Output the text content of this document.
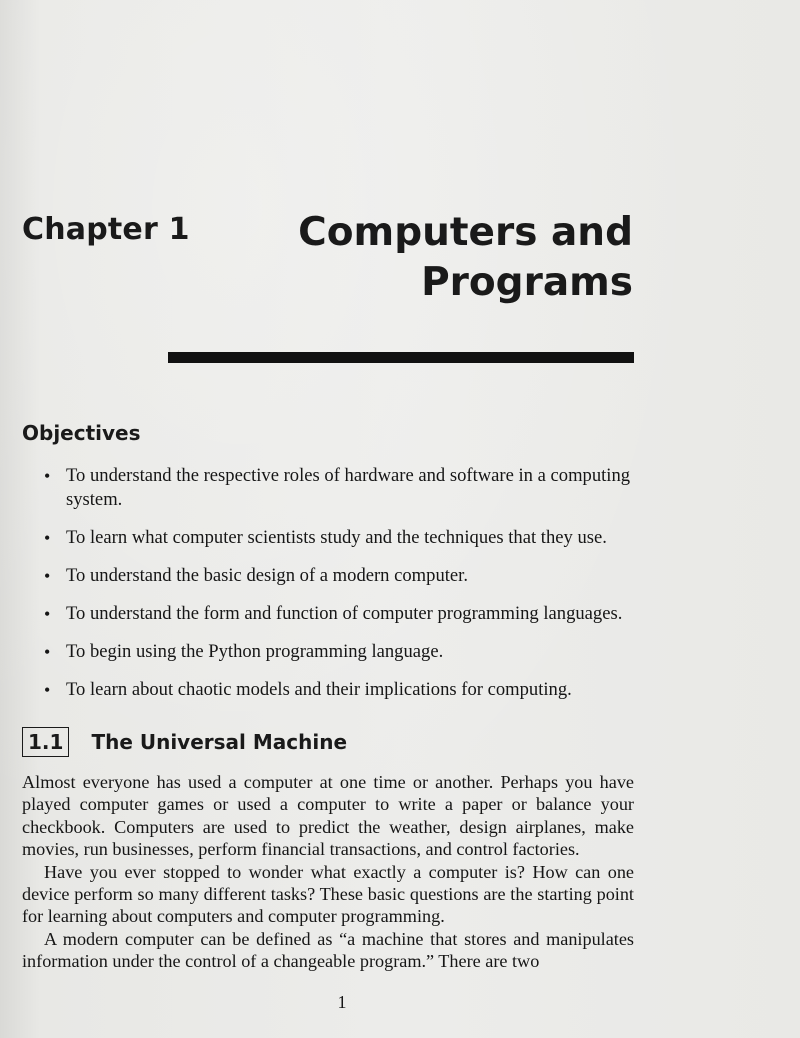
Chapter 1	Computers and
Programs
Objectives
• To understand the respective roles of hardware and software in a computing system.
• To learn what computer scientists study and the techniques that they use.
• To understand the basic design of a modern computer.
• To understand the form and function of computer programming languages.
• To begin using the Python programming language.
• To learn about chaotic models and their implications for computing.
1.1	The Universal Machine

Almost everyone has used a computer at one time or another. Perhaps you have played computer games or used a computer to write a paper or balance your checkbook. Computers are used to predict the weather, design airplanes, make movies, run businesses, perform financial transactions, and control factories.

Have you ever stopped to wonder what exactly a computer is? How can one device perform so many different tasks? These basic questions are the starting point for learning about computers and computer programming.

A modern computer can be defined as “a machine that stores and manipulates information under the control of a changeable program.” There are two

1
